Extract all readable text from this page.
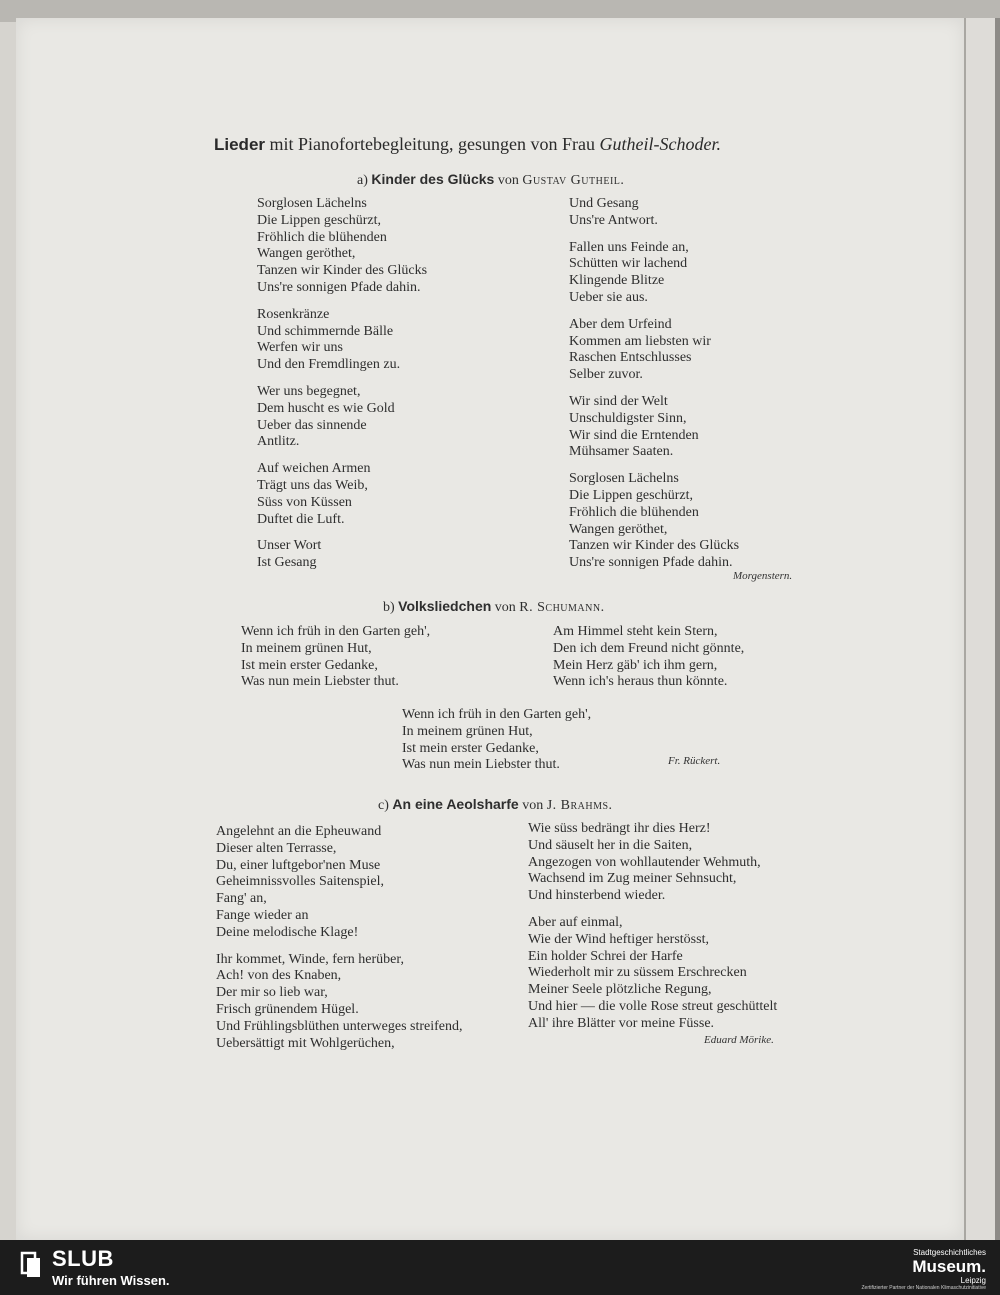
Lieder mit Pianofortebegleitung, gesungen von Frau Gutheil-Schoder.
a) Kinder des Glücks von Gustav Gutheil.
Sorglosen Lächelns
Die Lippen geschürzt,
Fröhlich die blühenden
Wangen geröthet,
Tanzen wir Kinder des Glücks
Uns're sonnigen Pfade dahin.
Rosenkränze
Und schimmernde Bälle
Werfen wir uns
Und den Fremdlingen zu.
Wer uns begegnet,
Dem huscht es wie Gold
Ueber das sinnende
Antlitz.
Auf weichen Armen
Trägt uns das Weib,
Süss von Küssen
Duftet die Luft.
Unser Wort
Ist Gesang
Und Gesang
Uns're Antwort.
Fallen uns Feinde an,
Schütten wir lachend
Klingende Blitze
Ueber sie aus.
Aber dem Urfeind
Kommen am liebsten wir
Raschen Entschlusses
Selber zuvor.
Wir sind der Welt
Unschuldigster Sinn,
Wir sind die Erntenden
Mühsamer Saaten.
Sorglosen Lächelns
Die Lippen geschürzt,
Fröhlich die blühenden
Wangen geröthet,
Tanzen wir Kinder des Glücks
Uns're sonnigen Pfade dahin.
Morgenstern.
b) Volksliedchen von R. Schumann.
Wenn ich früh in den Garten geh',
In meinem grünen Hut,
Ist mein erster Gedanke,
Was nun mein Liebster thut.
Am Himmel steht kein Stern,
Den ich dem Freund nicht gönnte,
Mein Herz gäb' ich ihm gern,
Wenn ich's heraus thun könnte.
Wenn ich früh in den Garten geh',
In meinem grünen Hut,
Ist mein erster Gedanke,
Was nun mein Liebster thut.	Fr. Rückert.
c) An eine Aeolsharfe von J. Brahms.
Angelehnt an die Epheuwand
Dieser alten Terrasse,
Du, einer luftgebor'nen Muse
Geheimnissvolles Saitenspiel,
Fang' an,
Fange wieder an
Deine melodische Klage!
Ihr kommet, Winde, fern herüber,
Ach! von des Knaben,
Der mir so lieb war,
Frisch grünendem Hügel.
Und Frühlingsblüthen unterweges streifend,
Uebersättigt mit Wohlgerüchen,
Wie süss bedrängt ihr dies Herz!
Und säuselt her in die Saiten,
Angezogen von wohllautender Wehmuth,
Wachsend im Zug meiner Sehnsucht,
Und hinsterbend wieder.
Aber auf einmal,
Wie der Wind heftiger herstösst,
Ein holder Schrei der Harfe
Wiederholt mir zu süssem Erschrecken
Meiner Seele plötzliche Regung,
Und hier — die volle Rose streut geschüttelt
All' ihre Blätter vor meine Füsse.
Eduard Mörike.
SLUB
Wir führen Wissen.
Stadtgeschichtliches
Museum.
Leipzig
Zertifizierter Partner der Nationalen Klimaschutzinitiative
